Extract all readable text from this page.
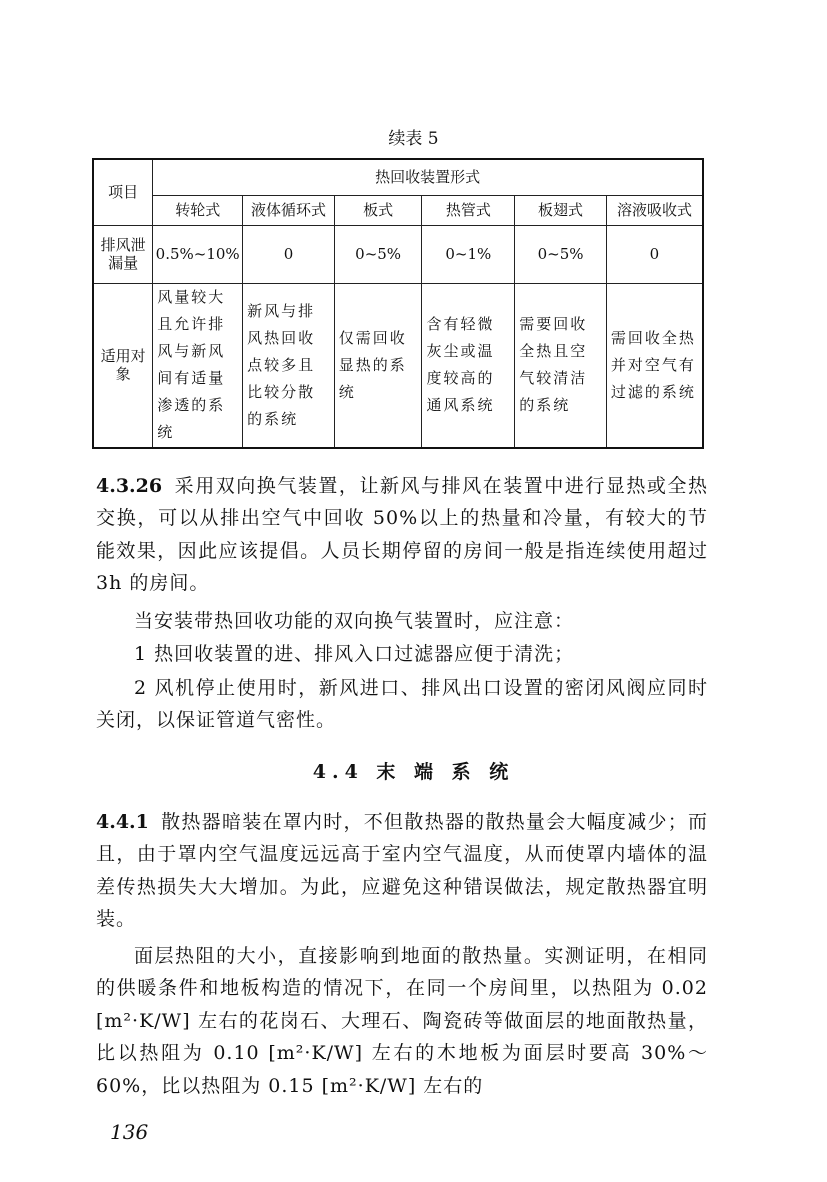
续表 5
项目	热回收装置形式					
	转轮式	液体循环式	板式	热管式	板翅式	溶液吸收式
排风泄漏量	0.5%~10%	0	0~5%	0~1%	0~5%	0
适用对象	风量较大且允许排风与新风间有适量渗透的系统	新风与排风热回收点较多且比较分散的系统	仅需回收显热的系统	含有轻微灰尘或温度较高的通风系统	需要回收全热且空气较清洁的系统	需回收全热并对空气有过滤的系统
4.3.26 采用双向换气装置，让新风与排风在装置中进行显热或全热交换，可以从排出空气中回收 50%以上的热量和冷量，有较大的节能效果，因此应该提倡。人员长期停留的房间一般是指连续使用超过 3h 的房间。
当安装带热回收功能的双向换气装置时，应注意：
1 热回收装置的进、排风入口过滤器应便于清洗；
2 风机停止使用时，新风进口、排风出口设置的密闭风阀应同时关闭，以保证管道气密性。
4.4 末 端 系 统
4.4.1 散热器暗装在罩内时，不但散热器的散热量会大幅度减少；而且，由于罩内空气温度远远高于室内空气温度，从而使罩内墙体的温差传热损失大大增加。为此，应避免这种错误做法，规定散热器宜明装。
面层热阻的大小，直接影响到地面的散热量。实测证明，在相同的供暖条件和地板构造的情况下，在同一个房间里，以热阻为 0.02 [m²·K/W] 左右的花岗石、大理石、陶瓷砖等做面层的地面散热量，比以热阻为 0.10 [m²·K/W] 左右的木地板为面层时要高 30%～60%，比以热阻为 0.15 [m²·K/W] 左右的
136
